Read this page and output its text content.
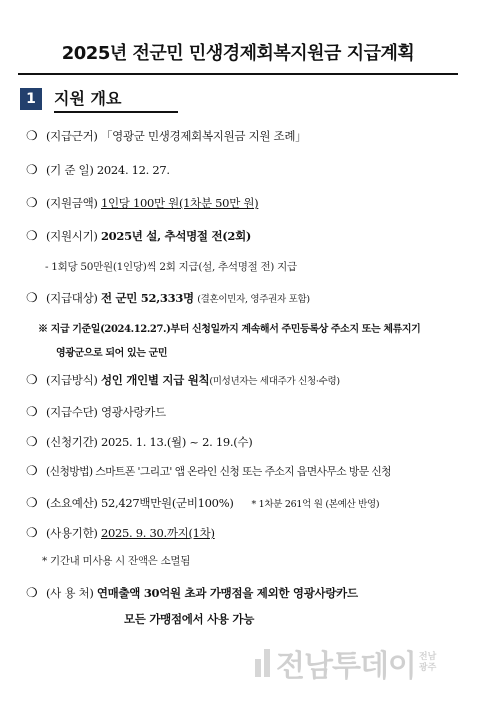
2025년 전군민 민생경제회복지원금 지급계획
1	지원 개요
❍ (지급근거) 「영광군 민생경제회복지원금 지원 조례」
❍ (기 준 일) 2024. 12. 27.
❍ (지원금액) 1인당 100만 원(1차분 50만 원)
❍ (지원시기) 2025년 설, 추석명절 전(2회)
- 1회당 50만원(1인당)씩 2회 지급(설, 추석명절 전) 지급
❍ (지급대상) 전 군민 52,333명 (결혼이민자, 영주권자 포함)
※ 지급 기준일(2024.12.27.)부터 신청일까지 계속해서 주민등록상 주소지 또는 체류지기
영광군으로 되어 있는 군민
❍ (지급방식) 성인 개인별 지급 원칙(미성년자는 세대주가 신청·수령)
❍ (지급수단) 영광사랑카드
❍ (신청기간) 2025. 1. 13.(월) ~ 2. 19.(수)
❍ (신청방법) 스마트폰 '그리고' 앱 온라인 신청 또는 주소지 읍면사무소 방문 신청
❍ (소요예산) 52,427백만원(군비100%) * 1차분 261억 원 (본예산 반영)
❍ (사용기한) 2025. 9. 30.까지(1차)
* 기간내 미사용 시 잔액은 소멸됨
❍ (사 용 처) 연매출액 30억원 초과 가맹점을 제외한 영광사랑카드
모든 가맹점에서 사용 가능
전남투데이 전남
광주
